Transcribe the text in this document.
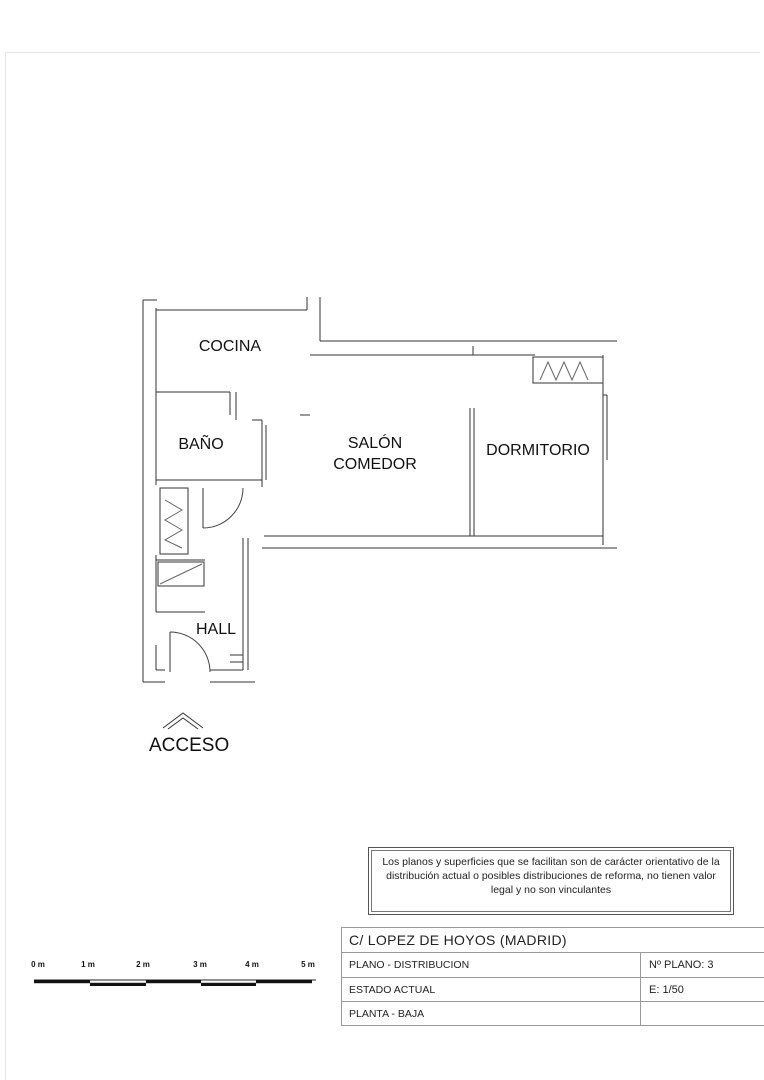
COCINA
BAÑO	SALÓN
COMEDOR
DORMITORIO
HALL
ACCESO
Los planos y superficies que se facilitan son de carácter orientativo de la distribución actual o posibles distribuciones de reforma, no tienen valor legal y no son vinculantes
C/ LOPEZ DE HOYOS (MADRID)
PLANO - DISTRIBUCION	Nº PLANO: 3
ESTADO ACTUAL	E: 1/50
PLANTA - BAJA
0 m	1 m	2 m	3 m	4 m	5 m
